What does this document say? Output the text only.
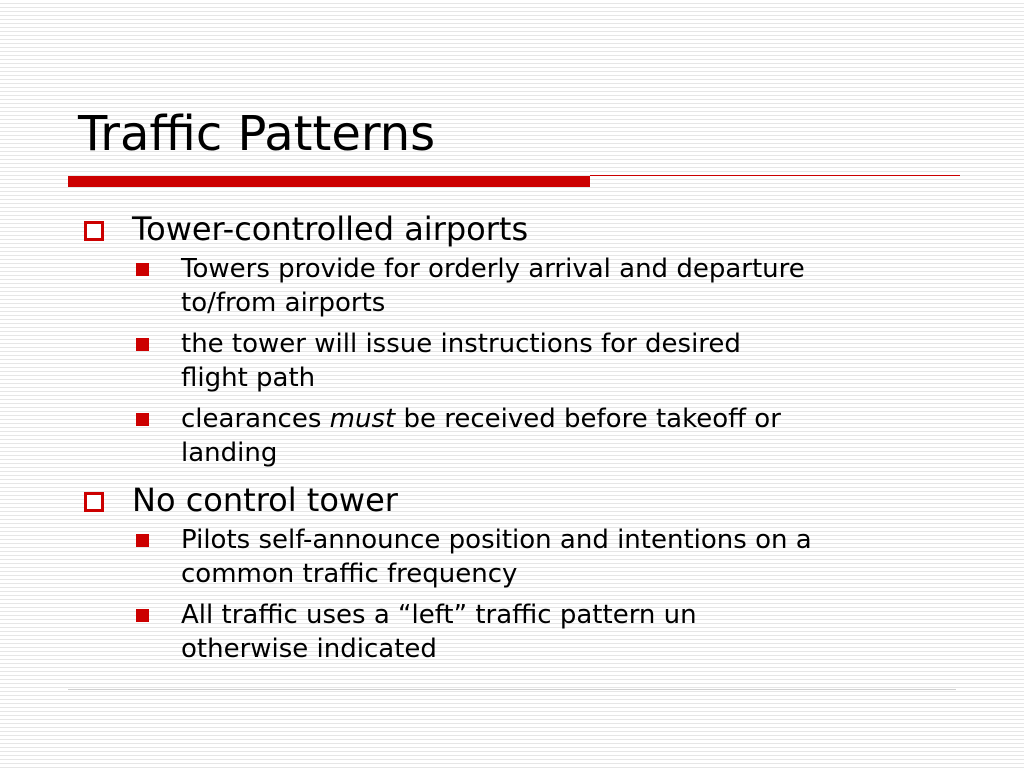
Traffic Patterns
Tower-controlled airports
Towers provide for orderly arrival and departure
to/from airports
the tower will issue instructions for desired
flight path
clearances must be received before takeoff or
landing
No control tower
Pilots self-announce position and intentions on a
common traffic frequency
All traffic uses a “left” traffic pattern un
otherwise indicated
